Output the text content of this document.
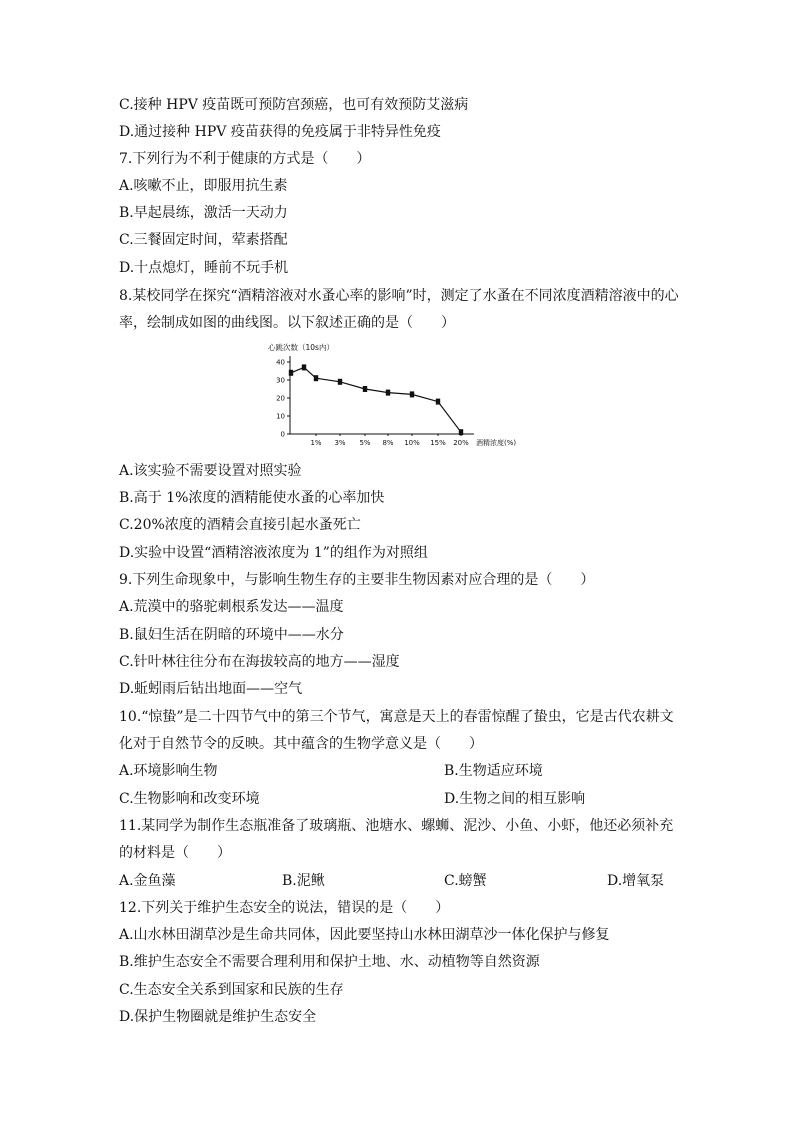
C.接种 HPV 疫苗既可预防宫颈癌，也可有效预防艾滋病
D.通过接种 HPV 疫苗获得的免疫属于非特异性免疫
7.下列行为不利于健康的方式是（　　）
A.咳嗽不止，即服用抗生素
B.早起晨练，激活一天动力
C.三餐固定时间，荤素搭配
D.十点熄灯，睡前不玩手机
8.某校同学在探究“酒精溶液对水蚤心率的影响”时，测定了水蚤在不同浓度酒精溶液中的心
率，绘制成如图的曲线图。以下叙述正确的是（　　）
0
10
20
30
40
1% 3% 5% 8% 10% 15% 20%
心跳次数（10s内）
酒精浓度(%)
A.该实验不需要设置对照实验
B.高于 1%浓度的酒精能使水蚤的心率加快
C.20%浓度的酒精会直接引起水蚤死亡
D.实验中设置“酒精溶液浓度为 1”的组作为对照组
9.下列生命现象中，与影响生物生存的主要非生物因素对应合理的是（　　）
A.荒漠中的骆驼刺根系发达——温度
B.鼠妇生活在阴暗的环境中——水分
C.针叶林往往分布在海拔较高的地方——湿度
D.蚯蚓雨后钻出地面——空气
10.“惊蛰”是二十四节气中的第三个节气，寓意是天上的春雷惊醒了蛰虫，它是古代农耕文
化对于自然节令的反映。其中蕴含的生物学意义是（　　）
A.环境影响生物	B.生物适应环境
C.生物影响和改变环境	D.生物之间的相互影响
11.某同学为制作生态瓶准备了玻璃瓶、池塘水、螺蛳、泥沙、小鱼、小虾，他还必须补充
的材料是（　　）
A.金鱼藻	B.泥鳅	C.螃蟹	D.增氧泵
12.下列关于维护生态安全的说法，错误的是（　　）
A.山水林田湖草沙是生命共同体，因此要坚持山水林田湖草沙一体化保护与修复
B.维护生态安全不需要合理利用和保护土地、水、动植物等自然资源
C.生态安全关系到国家和民族的生存
D.保护生物圈就是维护生态安全
